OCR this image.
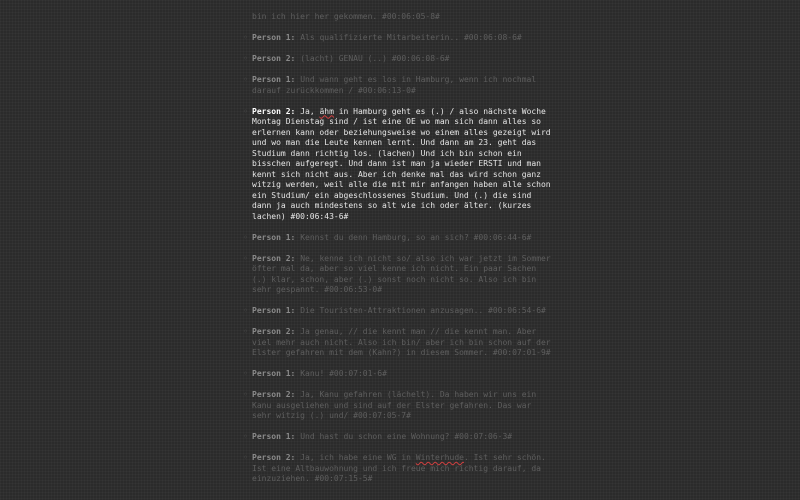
bin ich hier her gekommen. #00:06:05-8#

◦ Person 1: Als qualifizierte Mitarbeiterin.. #00:06:08-6#

◦ Person 2: (lacht) GENAU (..) #00:06:08-6#

◦ Person 1: Und wann geht es los in Hamburg, wenn ich nochmal darauf zurückkommen / #00:06:13-0#

◦ Person 2: Ja, ähm in Hamburg geht es (.) / also nächste Woche Montag Dienstag sind / ist eine OE wo man sich dann alles so erlernen kann oder beziehungsweise wo einem alles gezeigt wird und wo man die Leute kennen lernt. Und dann am 23. geht das Studium dann richtig los. (lachen) Und ich bin schon ein bisschen aufgeregt. Und dann ist man ja wieder ERSTI und man kennt sich nicht aus. Aber ich denke mal das wird schon ganz witzig werden, weil alle die mit mir anfangen haben alle schon ein Studium/ ein abgeschlossenes Studium. Und (.) die sind dann ja auch mindestens so alt wie ich oder älter. (kurzes lachen) #00:06:43-6#

◦ Person 1: Kennst du denn Hamburg, so an sich? #00:06:44-6#

◦ Person 2: Ne, kenne ich nicht so/ also ich war jetzt im Sommer öfter mal da, aber so viel kenne ich nicht. Ein paar Sachen (.) klar, schon, aber (.) sonst noch nicht so. Also ich bin sehr gespannt. #00:06:53-0#

◦ Person 1: Die Touristen-Attraktionen anzusagen.. #00:06:54-6#

◦ Person 2: Ja genau, // die kennt man // die kennt man. Aber viel mehr auch nicht. Also ich bin/ aber ich bin schon auf der Elster gefahren mit dem (Kahn?) in diesem Sommer. #00:07:01-9#

◦ Person 1: Kanu! #00:07:01-6#

◦ Person 2: Ja, Kanu gefahren (lächelt). Da haben wir uns ein Kanu ausgeliehen und sind auf der Elster gefahren. Das war sehr witzig (.) und/ #00:07:05-7#

◦ Person 1: Und hast du schon eine Wohnung? #00:07:06-3#

◦ Person 2: Ja, ich habe eine WG in Winterhude. Ist sehr schön. Ist eine Altbauwohnung und ich freue mich richtig darauf, da einzuziehen. #00:07:15-5#
